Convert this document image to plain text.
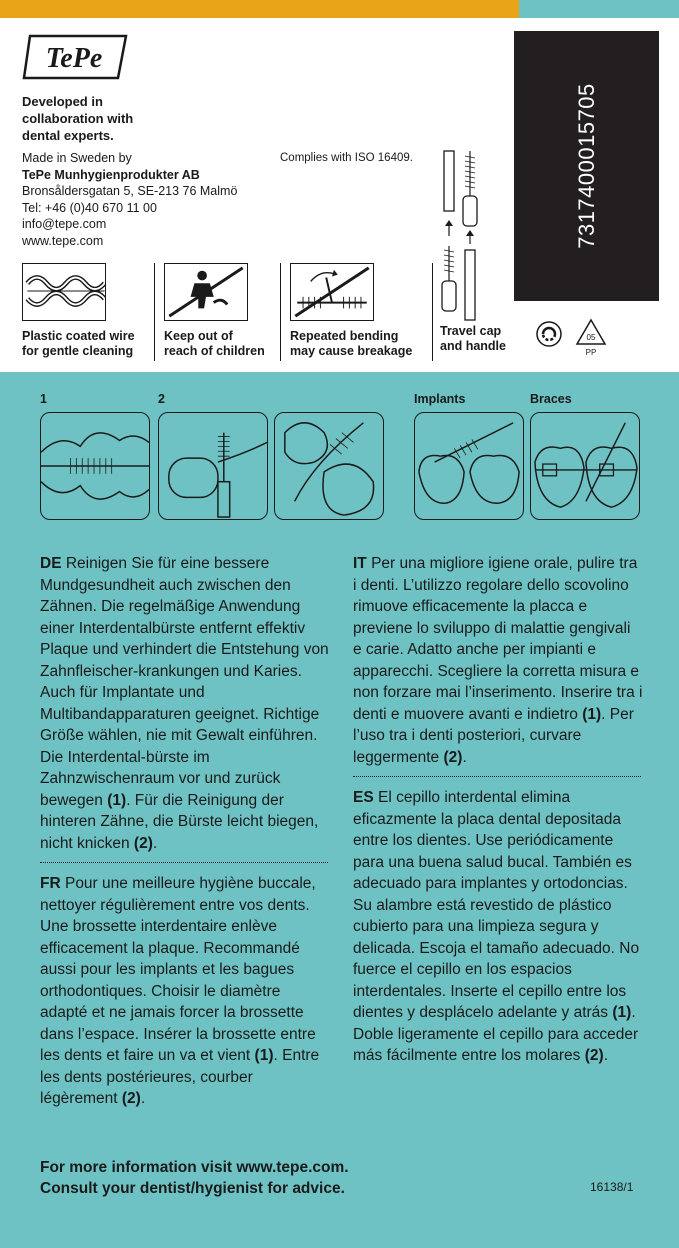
TePe
Developed in
collaboration with
dental experts.
Made in Sweden by
TePe Munhygienprodukter AB
Bronsåldersgatan 5, SE-213 76 Malmö
Tel: +46 (0)40 670 11 00
info@tepe.com
www.tepe.com
Complies with ISO 16409.	7317400015705
Plastic coated wire
for gentle cleaning
Keep out of
reach of children
Repeated bending
may cause breakage
Travel cap
and handle
05
PP
1	2	Implants	Braces

DE Reinigen Sie für eine bessere Mundgesundheit auch zwischen den Zähnen. Die regelmäßige Anwendung einer Interdentalbürste entfernt effektiv Plaque und verhindert die Entstehung von Zahnfleischer-krankungen und Karies. Auch für Implantate und Multibandapparaturen geeignet. Richtige Größe wählen, nie mit Gewalt einführen. Die Interdental-bürste im Zahnzwischenraum vor und zurück bewegen (1). Für die Reinigung der hinteren Zähne, die Bürste leicht biegen, nicht knicken (2).

FR Pour une meilleure hygiène buccale, nettoyer régulièrement entre vos dents. Une brossette interdentaire enlève efficacement la plaque. Recommandé aussi pour les implants et les bagues orthodontiques. Choisir le diamètre adapté et ne jamais forcer la brossette dans l’espace. Insérer la brossette entre les dents et faire un va et vient (1). Entre les dents postérieures, courber légèrement (2).

IT Per una migliore igiene orale, pulire tra i denti. L’utilizzo regolare dello scovolino rimuove efficacemente la placca e previene lo sviluppo di malattie gengivali e carie. Adatto anche per impianti e apparecchi. Scegliere la corretta misura e non forzare mai l’inserimento. Inserire tra i denti e muovere avanti e indietro (1). Per l’uso tra i denti posteriori, curvare leggermente (2).

ES El cepillo interdental elimina eficazmente la placa dental depositada entre los dientes. Use periódicamente para una buena salud bucal. También es adecuado para implantes y ortodoncias. Su alambre está revestido de plástico cubierto para una limpieza segura y delicada. Escoja el tamaño adecuado. No fuerce el cepillo en los espacios interdentales. Inserte el cepillo entre los dientes y desplácelo adelante y atrás (1). Doble ligeramente el cepillo para acceder más fácilmente entre los molares (2).

For more information visit www.tepe.com.
Consult your dentist/hygienist for advice.	16138/1
